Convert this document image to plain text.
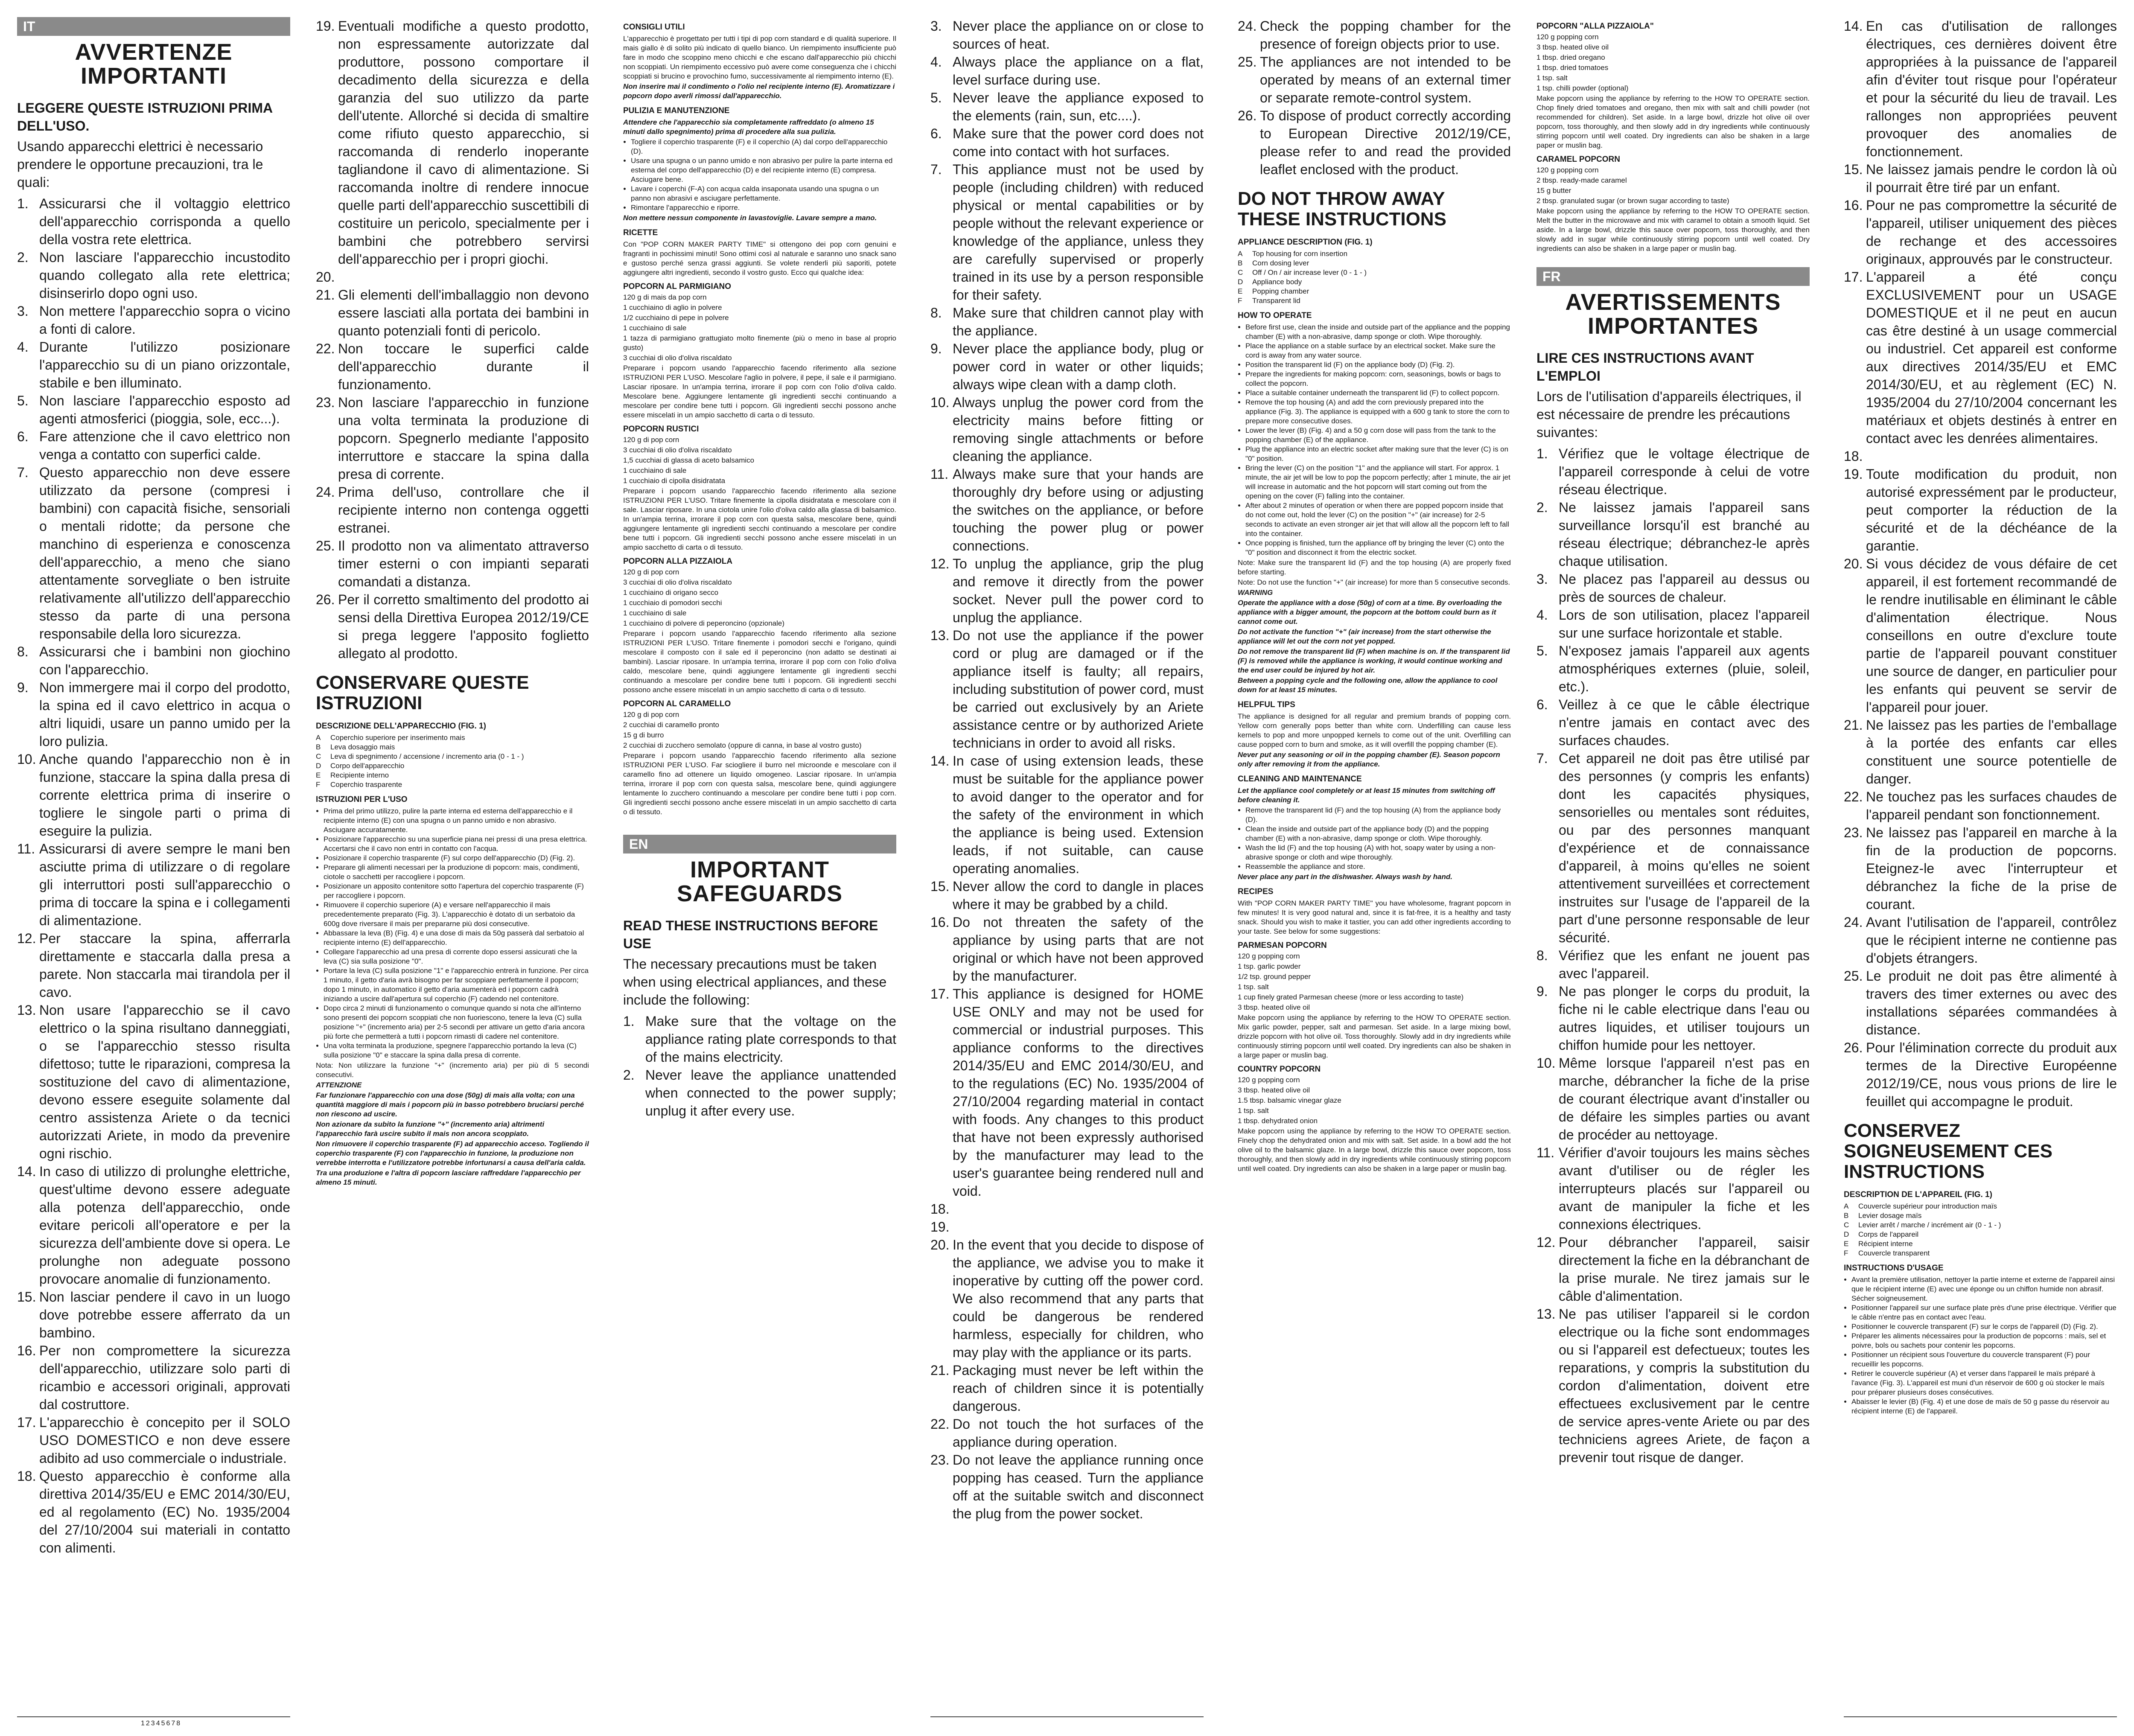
IT
AVVERTENZE IMPORTANTI
LEGGERE QUESTE ISTRUZIONI PRIMA DELL'USO.
Usando apparecchi elettrici è necessario prendere le opportune precauzioni, tra le quali:
1. Assicurarsi che il voltaggio elettrico dell'apparecchio corrisponda a quello della vostra rete elettrica.
2. Non lasciare l'apparecchio incustodito quando collegato alla rete elettrica; disinserirlo dopo ogni uso.
3. Non mettere l'apparecchio sopra o vicino a fonti di calore.
4. Durante l'utilizzo posizionare l'apparecchio su di un piano orizzontale, stabile e ben illuminato.
5. Non lasciare l'apparecchio esposto ad agenti atmosferici (pioggia, sole, ecc...).
6. Fare attenzione che il cavo elettrico non venga a contatto con superfici calde.
7. Questo apparecchio non deve essere utilizzato da persone (compresi i bambini) con capacità fisiche, sensoriali o mentali ridotte; da persone che manchino di esperienza e conoscenza dell'apparecchio, a meno che siano attentamente sorvegliate o ben istruite relativamente all'utilizzo dell'apparecchio stesso da parte di una persona responsabile della loro sicurezza.
8. Assicurarsi che i bambini non giochino con l'apparecchio.
9. Non immergere mai il corpo del prodotto, la spina ed il cavo elettrico in acqua o altri liquidi, usare un panno umido per la loro pulizia.
10. Anche quando l'apparecchio non è in funzione, staccare la spina dalla presa di corrente elettrica prima di inserire o togliere le singole parti o prima di eseguire la pulizia.
11. Assicurarsi di avere sempre le mani ben asciutte prima di utilizzare o di regolare gli interruttori posti sull'apparecchio o prima di toccare la spina e i collegamenti di alimentazione.
12. Per staccare la spina, afferrarla direttamente e staccarla dalla presa a parete. Non staccarla mai tirandola per il cavo.
13. Non usare l'apparecchio se il cavo elettrico o la spina risultano danneggiati, o se l'apparecchio stesso risulta difettoso; tutte le riparazioni, compresa la sostituzione del cavo di alimentazione, devono essere eseguite solamente dal centro assistenza Ariete o da tecnici autorizzati Ariete, in modo da prevenire ogni rischio.
14. In caso di utilizzo di prolunghe elettriche, quest'ultime devono essere adeguate alla potenza dell'apparecchio, onde evitare pericoli all'operatore e per la sicurezza dell'ambiente dove si opera. Le prolunghe non adeguate possono provocare anomalie di funzionamento.
15. Non lasciar pendere il cavo in un luogo dove potrebbe essere afferrato da un bambino.
16. Per non compromettere la sicurezza dell'apparecchio, utilizzare solo parti di ricambio e accessori originali, approvati dal costruttore.
17. L'apparecchio è concepito per il SOLO USO DOMESTICO e non deve essere adibito ad uso commerciale o industriale.
18. Questo apparecchio è conforme alla direttiva 2014/35/EU e EMC 2014/30/EU, ed al regolamento (EC) No. 1935/2004 del 27/10/2004 sui materiali in contatto con alimenti.
19. Eventuali modifiche a questo prodotto, non espressamente autorizzate dal produttore, possono comportare il decadimento della sicurezza e della garanzia del suo utilizzo da parte dell'utente. Allorché si decida di smaltire come rifiuto questo apparecchio, si raccomanda di renderlo inoperante tagliandone il cavo di alimentazione. Si raccomanda inoltre di rendere innocue quelle parti dell'apparecchio suscettibili di costituire un pericolo, specialmente per i bambini che potrebbero servirsi dell'apparecchio per i propri giochi.
20.
21. Gli elementi dell'imballaggio non devono essere lasciati alla portata dei bambini in quanto potenziali fonti di pericolo.
22. Non toccare le superfici calde dell'apparecchio durante il funzionamento.
23. Non lasciare l'apparecchio in funzione una volta terminata la produzione di popcorn. Spegnerlo mediante l'apposito interruttore e staccare la spina dalla presa di corrente.
24. Prima dell'uso, controllare che il recipiente interno non contenga oggetti estranei.
25. Il prodotto non va alimentato attraverso timer esterni o con impianti separati comandati a distanza.
26. Per il corretto smaltimento del prodotto ai sensi della Direttiva Europea 2012/19/CE si prega leggere l'apposito foglietto allegato al prodotto.
CONSERVARE QUESTE ISTRUZIONI
DESCRIZIONE DELL'APPARECCHIO (FIG. 1)
A	Coperchio superiore per inserimento mais
B	Leva dosaggio mais
C	Leva di spegnimento / accensione / incremento aria (0 - 1 - )
D	Corpo dell'apparecchio
E	Recipiente interno
F	Coperchio trasparente
ISTRUZIONI PER L'USO
• Prima del primo utilizzo, pulire la parte interna ed esterna dell'apparecchio e il recipiente interno (E) con una spugna o un panno umido e non abrasivo. Asciugare accuratamente.
• Posizionare l'apparecchio su una superficie piana nei pressi di una presa elettrica. Accertarsi che il cavo non entri in contatto con l'acqua.
• Posizionare il coperchio trasparente (F) sul corpo dell'apparecchio (D) (Fig. 2).
• Preparare gli alimenti necessari per la produzione di popcorn: mais, condimenti, ciotole o sacchetti per raccogliere i popcorn.
• Posizionare un apposito contenitore sotto l'apertura del coperchio trasparente (F) per raccogliere i popcorn.
• Rimuovere il coperchio superiore (A) e versare nell'apparecchio il mais precedentemente preparato (Fig. 3). L'apparecchio è dotato di un serbatoio da 600g dove riversare il mais per prepararne più dosi consecutive.
• Abbassare la leva (B) (Fig. 4) e una dose di mais da 50g passerà dal serbatoio al recipiente interno (E) dell'apparecchio.
• Collegare l'apparecchio ad una presa di corrente dopo essersi assicurati che la leva (C) sia sulla posizione "0".
• Portare la leva (C) sulla posizione "1" e l'apparecchio entrerà in funzione. Per circa 1 minuto, il getto d'aria avrà bisogno per far scoppiare perfettamente il popcorn; dopo 1 minuto, in automatico il getto d'aria aumenterà ed i popcorn cadrà iniziando a uscire dall'apertura sul coperchio (F) cadendo nel contenitore.
• Dopo circa 2 minuti di funzionamento o comunque quando si nota che all'interno sono presenti dei popcorn scoppiati che non fuoriescono, tenere la leva (C) sulla posizione "+" (incremento aria) per 2-5 secondi per attivare un getto d'aria ancora più forte che permetterà a tutti i popcorn rimasti di cadere nel contenitore.
• Una volta terminata la produzione, spegnere l'apparecchio portando la leva (C) sulla posizione "0" e staccare la spina dalla presa di corrente.
Nota: Non utilizzare la funzione "+" (incremento aria) per più di 5 secondi consecutivi.
ATTENZIONE
Far funzionare l'apparecchio con una dose (50g) di mais alla volta; con una quantità maggiore di mais i popcorn più in basso potrebbero bruciarsi perché non riescono ad uscire.
Non azionare da subito la funzione "+" (incremento aria) altrimenti l'apparecchio farà uscire subito il mais non ancora scoppiato.
Non rimuovere il coperchio trasparente (F) ad apparecchio acceso. Togliendo il coperchio trasparente (F) con l'apparecchio in funzione, la produzione non verrebbe interrotta e l'utilizzatore potrebbe infortunarsi a causa dell'aria calda.
Tra una produzione e l'altra di popcorn lasciare raffreddare l'apparecchio per almeno 15 minuti.
CONSIGLI UTILI
L'apparecchio è progettato per tutti i tipi di pop corn standard e di qualità superiore. Il mais giallo è di solito più indicato di quello bianco. Un riempimento insufficiente può fare in modo che scoppino meno chicchi e che escano dall'apparecchio più chicchi non scoppiati. Un riempimento eccessivo può avere come conseguenza che i chicchi scoppiati si brucino e provochino fumo, successivamente al riempimento interno (E).
Non inserire mai il condimento o l'olio nel recipiente interno (E). Aromatizzare i popcorn dopo averli rimossi dall'apparecchio.
PULIZIA E MANUTENZIONE
Attendere che l'apparecchio sia completamente raffreddato (o almeno 15 minuti dallo spegnimento) prima di procedere alla sua pulizia.
• Togliere il coperchio trasparente (F) e il coperchio (A) dal corpo dell'apparecchio (D).
• Usare una spugna o un panno umido e non abrasivo per pulire la parte interna ed esterna del corpo dell'apparecchio (D) e del recipiente interno (E) compresa. Asciugare bene.
• Lavare i coperchi (F-A) con acqua calda insaponata usando una spugna o un panno non abrasivi e asciugare perfettamente.
• Rimontare l'apparecchio e riporre.
Non mettere nessun componente in lavastoviglie. Lavare sempre a mano.
RICETTE
Con "POP CORN MAKER PARTY TIME" si ottengono dei pop corn genuini e fragranti in pochissimi minuti! Sono ottimi così al naturale e saranno uno snack sano e gustoso perché senza grassi aggiunti. Se volete renderli più saporiti, potete aggiungere altri ingredienti, secondo il vostro gusto. Ecco qui qualche idea:
POPCORN AL PARMIGIANO
120 g di mais da pop corn
1 cucchiaino di aglio in polvere
1/2 cucchiaino di pepe in polvere
1 cucchiaino di sale
1 tazza di parmigiano grattugiato molto finemente (più o meno in base al proprio gusto)
3 cucchiai di olio d'oliva riscaldato
Preparare i popcorn usando l'apparecchio facendo riferimento alla sezione ISTRUZIONI PER L'USO. Mescolare l'aglio in polvere, il pepe, il sale e il parmigiano. Lasciar riposare. In un'ampia terrina, irrorare il pop corn con l'olio d'oliva caldo. Mescolare bene. Aggiungere lentamente gli ingredienti secchi continuando a mescolare per condire bene tutti i popcorn. Gli ingredienti secchi possono anche essere miscelati in un ampio sacchetto di carta o di tessuto.
POPCORN RUSTICI
120 g di pop corn
3 cucchiai di olio d'oliva riscaldato
1,5 cucchiai di glassa di aceto balsamico
1 cucchiaino di sale
1 cucchiaio di cipolla disidratata
Preparare i popcorn usando l'apparecchio facendo riferimento alla sezione ISTRUZIONI PER L'USO. Tritare finemente la cipolla disidratata e mescolare con il sale. Lasciar riposare. In una ciotola unire l'olio d'oliva caldo alla glassa di balsamico. In un'ampia terrina, irrorare il pop corn con questa salsa, mescolare bene, quindi aggiungere lentamente gli ingredienti secchi continuando a mescolare per condire bene tutti i popcorn. Gli ingredienti secchi possono anche essere miscelati in un ampio sacchetto di carta o di tessuto.
POPCORN ALLA PIZZAIOLA
120 g di pop corn
3 cucchiai di olio d'oliva riscaldato
1 cucchiaino di origano secco
1 cucchiaio di pomodori secchi
1 cucchiaino di sale
1 cucchiaino di polvere di peperoncino (opzionale)
Preparare i popcorn usando l'apparecchio facendo riferimento alla sezione ISTRUZIONI PER L'USO. Tritare finemente i pomodori secchi e l'origano, quindi mescolare il composto con il sale ed il peperoncino (non adatto se destinati ai bambini). Lasciar riposare. In un'ampia terrina, irrorare il pop corn con l'olio d'oliva caldo, mescolare bene, quindi aggiungere lentamente gli ingredienti secchi continuando a mescolare per condire bene tutti i popcorn. Gli ingredienti secchi possono anche essere miscelati in un ampio sacchetto di carta o di tessuto.
POPCORN AL CARAMELLO
120 g di pop corn
2 cucchiai di caramello pronto
15 g di burro
2 cucchiai di zucchero semolato (oppure di canna, in base al vostro gusto)
Preparare i popcorn usando l'apparecchio facendo riferimento alla sezione ISTRUZIONI PER L'USO. Far sciogliere il burro nel microonde e mescolare con il caramello fino ad ottenere un liquido omogeneo. Lasciar riposare. In un'ampia terrina, irrorare il pop corn con questa salsa, mescolare bene, quindi aggiungere lentamente lo zucchero continuando a mescolare per condire bene tutti i pop corn. Gli ingredienti secchi possono anche essere miscelati in un ampio sacchetto di carta o di tessuto.
EN
IMPORTANT SAFEGUARDS
READ THESE INSTRUCTIONS BEFORE USE
The necessary precautions must be taken when using electrical appliances, and these include the following:
1. Make sure that the voltage on the appliance rating plate corresponds to that of the mains electricity.
2. Never leave the appliance unattended when connected to the power supply; unplug it after every use.
3. Never place the appliance on or close to sources of heat.
4. Always place the appliance on a flat, level surface during use.
5. Never leave the appliance exposed to the elements (rain, sun, etc....).
6. Make sure that the power cord does not come into contact with hot surfaces.
7. This appliance must not be used by people (including children) with reduced physical or mental capabilities or by people without the relevant experience or knowledge of the appliance, unless they are carefully supervised or properly trained in its use by a person responsible for their safety.
8. Make sure that children cannot play with the appliance.
9. Never place the appliance body, plug or power cord in water or other liquids; always wipe clean with a damp cloth.
10. Always unplug the power cord from the electricity mains before fitting or removing single attachments or before cleaning the appliance.
11. Always make sure that your hands are thoroughly dry before using or adjusting the switches on the appliance, or before touching the power plug or power connections.
12. To unplug the appliance, grip the plug and remove it directly from the power socket. Never pull the power cord to unplug the appliance.
13. Do not use the appliance if the power cord or plug are damaged or if the appliance itself is faulty; all repairs, including substitution of power cord, must be carried out exclusively by an Ariete assistance centre or by authorized Ariete technicians in order to avoid all risks.
14. In case of using extension leads, these must be suitable for the appliance power to avoid danger to the operator and for the safety of the environment in which the appliance is being used. Extension leads, if not suitable, can cause operating anomalies.
15. Never allow the cord to dangle in places where it may be grabbed by a child.
16. Do not threaten the safety of the appliance by using parts that are not original or which have not been approved by the manufacturer.
17. This appliance is designed for HOME USE ONLY and may not be used for commercial or industrial purposes. This appliance conforms to the directives 2014/35/EU and EMC 2014/30/EU, and to the regulations (EC) No. 1935/2004 of 27/10/2004 regarding material in contact with foods. Any changes to this product that have not been expressly authorised by the manufacturer may lead to the user's guarantee being rendered null and void.
18.
19.
20. In the event that you decide to dispose of the appliance, we advise you to make it inoperative by cutting off the power cord. We also recommend that any parts that could be dangerous be rendered harmless, especially for children, who may play with the appliance or its parts.
21. Packaging must never be left within the reach of children since it is potentially dangerous.
22. Do not touch the hot surfaces of the appliance during operation.
23. Do not leave the appliance running once popping has ceased. Turn the appliance off at the suitable switch and disconnect the plug from the power socket.
24. Check the popping chamber for the presence of foreign objects prior to use.
25. The appliances are not intended to be operated by means of an external timer or separate remote-control system.
26. To dispose of product correctly according to European Directive 2012/19/CE, please refer to and read the provided leaflet enclosed with the product.
DO NOT THROW AWAY THESE INSTRUCTIONS
APPLIANCE DESCRIPTION (FIG. 1)
A	Top housing for corn insertion
B	Corn dosing lever
C	Off / On / air increase lever (0 - 1 - )
D	Appliance body
E	Popping chamber
F	Transparent lid
HOW TO OPERATE
• Before first use, clean the inside and outside part of the appliance and the popping chamber (E) with a non-abrasive, damp sponge or cloth. Wipe thoroughly.
• Place the appliance on a stable surface by an electrical socket. Make sure the cord is away from any water source.
• Position the transparent lid (F) on the appliance body (D) (Fig. 2).
• Prepare the ingredients for making popcorn: corn, seasonings, bowls or bags to collect the popcorn.
• Place a suitable container underneath the transparent lid (F) to collect popcorn.
• Remove the top housing (A) and add the corn previously prepared into the appliance (Fig. 3). The appliance is equipped with a 600 g tank to store the corn to prepare more consecutive doses.
• Lower the lever (B) (Fig. 4) and a 50 g corn dose will pass from the tank to the popping chamber (E) of the appliance.
• Plug the appliance into an electric socket after making sure that the lever (C) is on "0" position.
• Bring the lever (C) on the position "1" and the appliance will start. For approx. 1 minute, the air jet will be low to pop the popcorn perfectly; after 1 minute, the air jet will increase in automatic and the hot popcorn will start coming out from the opening on the cover (F) falling into the container.
• After about 2 minutes of operation or when there are popped popcorn inside that do not come out, hold the lever (C) on the position "+" (air increase) for 2-5 seconds to activate an even stronger air jet that will allow all the popcorn left to fall into the container.
• Once popping is finished, turn the appliance off by bringing the lever (C) onto the "0" position and disconnect it from the electric socket.
Note: Make sure the transparent lid (F) and the top housing (A) are properly fixed before starting.
Note: Do not use the function "+" (air increase) for more than 5 consecutive seconds.
WARNING
Operate the appliance with a dose (50g) of corn at a time. By overloading the appliance with a bigger amount, the popcorn at the bottom could burn as it cannot come out.
Do not activate the function "+" (air increase) from the start otherwise the appliance will let out the corn not yet popped.
Do not remove the transparent lid (F) when machine is on. If the transparent lid (F) is removed while the appliance is working, it would continue working and the end user could be injured by hot air.
Between a popping cycle and the following one, allow the appliance to cool down for at least 15 minutes.
HELPFUL TIPS
The appliance is designed for all regular and premium brands of popping corn. Yellow corn generally pops better than white corn. Underfilling can cause less kernels to pop and more unpopped kernels to come out of the unit. Overfilling can cause popped corn to burn and smoke, as it will overfill the popping chamber (E).
Never put any seasoning or oil in the popping chamber (E). Season popcorn only after removing it from the appliance.
CLEANING AND MAINTENANCE
Let the appliance cool completely or at least 15 minutes from switching off before cleaning it.
• Remove the transparent lid (F) and the top housing (A) from the appliance body (D).
• Clean the inside and outside part of the appliance body (D) and the popping chamber (E) with a non-abrasive, damp sponge or cloth. Wipe thoroughly.
• Wash the lid (F) and the top housing (A) with hot, soapy water by using a non-abrasive sponge or cloth and wipe thoroughly.
• Reassemble the appliance and store.
Never place any part in the dishwasher. Always wash by hand.
RECIPES
With "POP CORN MAKER PARTY TIME" you have wholesome, fragrant popcorn in few minutes! It is very good natural and, since it is fat-free, it is a healthy and tasty snack. Should you wish to make it tastier, you can add other ingredients according to your taste. See below for some suggestions:
PARMESAN POPCORN
120 g popping corn
1 tsp. garlic powder
1/2 tsp. ground pepper
1 tsp. salt
1 cup finely grated Parmesan cheese (more or less according to taste)
3 tbsp. heated olive oil
Make popcorn using the appliance by referring to the HOW TO OPERATE section. Mix garlic powder, pepper, salt and parmesan. Set aside. In a large mixing bowl, drizzle popcorn with hot olive oil. Toss thoroughly. Slowly add in dry ingredients while continuously stirring popcorn until well coated. Dry ingredients can also be shaken in a large paper or muslin bag.
COUNTRY POPCORN
120 g popping corn
3 tbsp. heated olive oil
1.5 tbsp. balsamic vinegar glaze
1 tsp. salt
1 tbsp. dehydrated onion
Make popcorn using the appliance by referring to the HOW TO OPERATE section. Finely chop the dehydrated onion and mix with salt. Set aside. In a bowl add the hot olive oil to the balsamic glaze. In a large bowl, drizzle this sauce over popcorn, toss thoroughly, and then slowly add in dry ingredients while continuously stirring popcorn until well coated. Dry ingredients can also be shaken in a large paper or muslin bag.
POPCORN "ALLA PIZZAIOLA"
120 g popping corn
3 tbsp. heated olive oil
1 tbsp. dried oregano
1 tbsp. dried tomatoes
1 tsp. salt
1 tsp. chilli powder (optional)
Make popcorn using the appliance by referring to the HOW TO OPERATE section. Chop finely dried tomatoes and oregano, then mix with salt and chilli powder (not recommended for children). Set aside. In a large bowl, drizzle hot olive oil over popcorn, toss thoroughly, and then slowly add in dry ingredients while continuously stirring popcorn until well coated. Dry ingredients can also be shaken in a large paper or muslin bag.
CARAMEL POPCORN
120 g popping corn
2 tbsp. ready-made caramel
15 g butter
2 tbsp. granulated sugar (or brown sugar according to taste)
Make popcorn using the appliance by referring to the HOW TO OPERATE section. Melt the butter in the microwave and mix with caramel to obtain a smooth liquid. Set aside. In a large bowl, drizzle this sauce over popcorn, toss thoroughly, and then slowly add in sugar while continuously stirring popcorn until well coated. Dry ingredients can also be shaken in a large paper or muslin bag.
FR
AVERTISSEMENTS IMPORTANTES
LIRE CES INSTRUCTIONS AVANT L'EMPLOI
Lors de l'utilisation d'appareils électriques, il est nécessaire de prendre les précautions suivantes:
1. Vérifiez que le voltage électrique de l'appareil corresponde à celui de votre réseau électrique.
2. Ne laissez jamais l'appareil sans surveillance lorsqu'il est branché au réseau électrique; débranchez-le après chaque utilisation.
3. Ne placez pas l'appareil au dessus ou près de sources de chaleur.
4. Lors de son utilisation, placez l'appareil sur une surface horizontale et stable.
5. N'exposez jamais l'appareil aux agents atmosphériques externes (pluie, soleil, etc.).
6. Veillez à ce que le câble électrique n'entre jamais en contact avec des surfaces chaudes.
7. Cet appareil ne doit pas être utilisé par des personnes (y compris les enfants) dont les capacités physiques, sensorielles ou mentales sont réduites, ou par des personnes manquant d'expérience et de connaissance d'appareil, à moins qu'elles ne soient attentivement surveillées et correctement instruites sur l'usage de l'appareil de la part d'une personne responsable de leur sécurité.
8. Vérifiez que les enfant ne jouent pas avec l'appareil.
9. Ne pas plonger le corps du produit, la fiche ni le cable electrique dans l'eau ou autres liquides, et utiliser toujours un chiffon humide pour les nettoyer.
10. Même lorsque l'appareil n'est pas en marche, débrancher la fiche de la prise de courant électrique avant d'installer ou de défaire les simples parties ou avant de procéder au nettoyage.
11. Vérifier d'avoir toujours les mains sèches avant d'utiliser ou de régler les interrupteurs placés sur l'appareil ou avant de manipuler la fiche et les connexions électriques.
12. Pour débrancher l'appareil, saisir directement la fiche en la débranchant de la prise murale. Ne tirez jamais sur le câble d'alimentation.
13. Ne pas utiliser l'appareil si le cordon electrique ou la fiche sont endommages ou si l'appareil est defectueux; toutes les reparations, y compris la substitution du cordon d'alimentation, doivent etre effectuees exclusivement par le centre de service apres-vente Ariete ou par des techniciens agrees Ariete, de façon a prevenir tout risque de danger.
14. En cas d'utilisation de rallonges électriques, ces dernières doivent être appropriées à la puissance de l'appareil afin d'éviter tout risque pour l'opérateur et pour la sécurité du lieu de travail. Les rallonges non appropriées peuvent provoquer des anomalies de fonctionnement.
15. Ne laissez jamais pendre le cordon là où il pourrait être tiré par un enfant.
16. Pour ne pas compromettre la sécurité de l'appareil, utiliser uniquement des pièces de rechange et des accessoires originaux, approuvés par le constructeur.
17. L'appareil a été conçu EXCLUSIVEMENT pour un USAGE DOMESTIQUE et il ne peut en aucun cas être destiné à un usage commercial ou industriel. Cet appareil est conforme aux directives 2014/35/EU et EMC 2014/30/EU, et au règlement (EC) N. 1935/2004 du 27/10/2004 concernant les matériaux et objets destinés à entrer en contact avec les denrées alimentaires.
18.
19. Toute modification du produit, non autorisé expressément par le producteur, peut comporter la réduction de la sécurité et de la déchéance de la garantie.
20. Si vous décidez de vous défaire de cet appareil, il est fortement recommandé de le rendre inutilisable en éliminant le câble d'alimentation électrique. Nous conseillons en outre d'exclure toute partie de l'appareil pouvant constituer une source de danger, en particulier pour les enfants qui peuvent se servir de l'appareil pour jouer.
21. Ne laissez pas les parties de l'emballage à la portée des enfants car elles constituent une source potentielle de danger.
22. Ne touchez pas les surfaces chaudes de l'appareil pendant son fonctionnement.
23. Ne laissez pas l'appareil en marche à la fin de la production de popcorns. Eteignez-le avec l'interrupteur et débranchez la fiche de la prise de courant.
24. Avant l'utilisation de l'appareil, contrôlez que le récipient interne ne contienne pas d'objets étrangers.
25. Le produit ne doit pas être alimenté à travers des timer externes ou avec des installations séparées commandées à distance.
26. Pour l'élimination correcte du produit aux termes de la Directive Européenne 2012/19/CE, nous vous prions de lire le feuillet qui accompagne le produit.
CONSERVEZ SOIGNEUSEMENT CES INSTRUCTIONS
DESCRIPTION DE L'APPAREIL (FIG. 1)
A	Couvercle supérieur pour introduction maïs
B	Levier dosage maïs
C	Levier arrêt / marche / incrément air (0 - 1 - )
D	Corps de l'appareil
E	Récipient interne
F	Couvercle transparent
INSTRUCTIONS D'USAGE
• Avant la première utilisation, nettoyer la partie interne et externe de l'appareil ainsi que le récipient interne (E) avec une éponge ou un chiffon humide non abrasif. Sécher soigneusement.
• Positionner l'appareil sur une surface plate près d'une prise électrique. Vérifier que le câble n'entre pas en contact avec l'eau.
• Positionner le couvercle transparent (F) sur le corps de l'appareil (D) (Fig. 2).
• Préparer les aliments nécessaires pour la production de popcorns : maïs, sel et poivre, bols ou sachets pour contenir les popcorns.
• Positionner un récipient sous l'ouverture du couvercle transparent (F) pour recueillir les popcorns.
• Retirer le couvercle supérieur (A) et verser dans l'appareil le maïs préparé à l'avance (Fig. 3). L'appareil est muni d'un réservoir de 600 g où stocker le maïs pour préparer plusieurs doses consécutives.
• Abaisser le levier (B) (Fig. 4) et une dose de maïs de 50 g passe du réservoir au récipient interne (E) de l'appareil.
12345678
